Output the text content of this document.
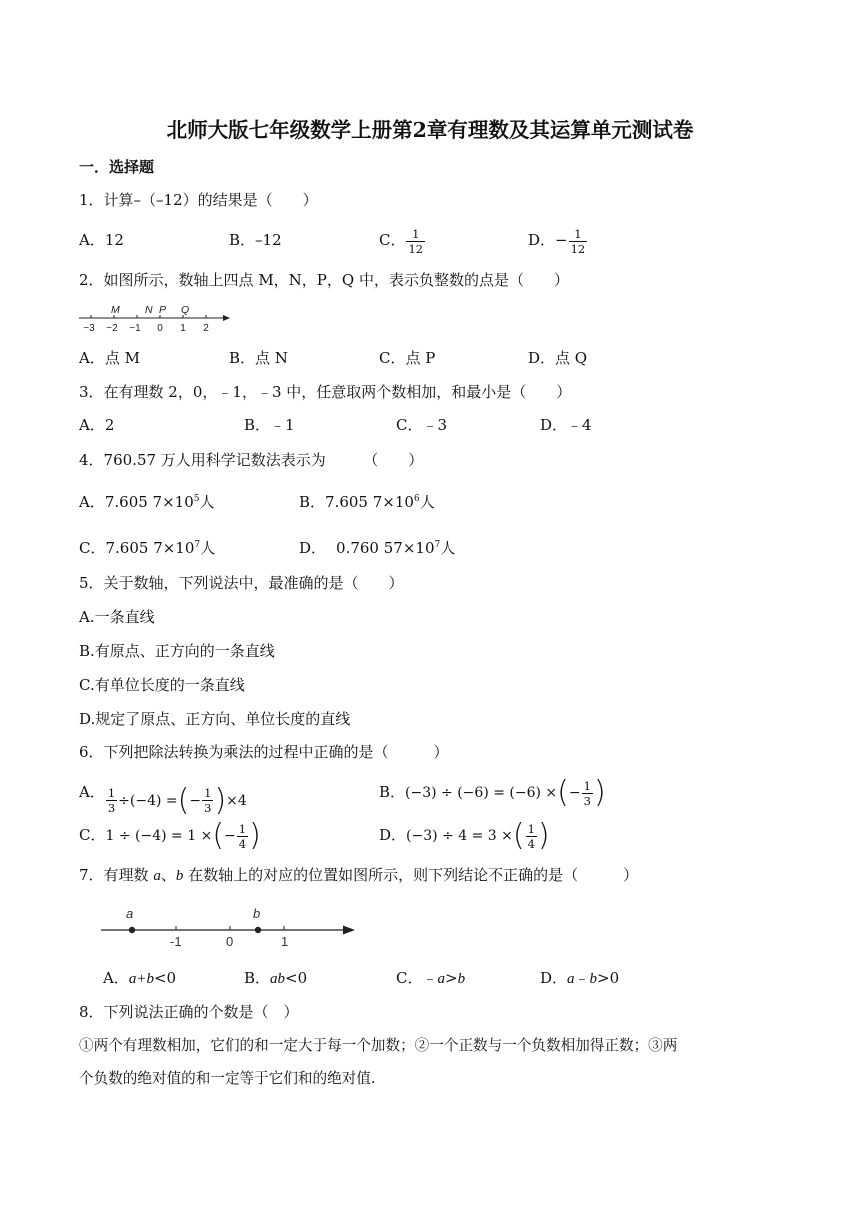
北师大版七年级数学上册第2章有理数及其运算单元测试卷
一．选择题
1．计算–（–12）的结果是（　　）
A．12	B．–12	C． $\frac{1}{12}$	D．− $\frac{1}{12}$
2．如图所示，数轴上四点 M，N，P，Q 中，表示负整数的点是（　　）
M N P Q
−3 −2 −1 0 1 2
A．点 M	B．点 N	C．点 P	D．点 Q
3．在有理数 2，0，﹣1，﹣3 中，任意取两个数相加，和最小是（　　）
A．2	B．﹣1	C．﹣3	D．﹣4
4．760.57 万人用科学记数法表示为　　　（　　）
A．7.605 $7\times 10^5$人	B．7.605 $7\times 10^6$人
C．7.605 $7\times 10^7$人	D． 0.760 $57\times 10^7$人
5．关于数轴，下列说法中，最准确的是（　　）
A.一条直线
B.有原点、正方向的一条直线
C.有单位长度的一条直线
D.规定了原点、正方向、单位长度的直线
6．下列把除法转换为乘法的过程中正确的是（　　　）
A． $\frac{1}{3} \div(-4)$ = ( − $\frac{1}{3}$ ) ×4	B． (−3) ÷ (−6) = (−6) × ( − $\frac{1}{3}$ )
C． 1 ÷ (−4) = 1 × ( − $\frac{1}{4}$ )	D． (−3) ÷ 4 = 3 × ( $\frac{1}{4}$ )
7．有理数 a、b 在数轴上的对应的位置如图所示，则下列结论不正确的是（　　　）
a	b
-1	0	1
A．a+b<0	B．ab<0	C．﹣a>b	D．a﹣b>0
8．下列说法正确的个数是（　）
①两个有理数相加，它们的和一定大于每一个加数；②一个正数与一个负数相加得正数；③两
个负数的绝对值的和一定等于它们和的绝对值.
